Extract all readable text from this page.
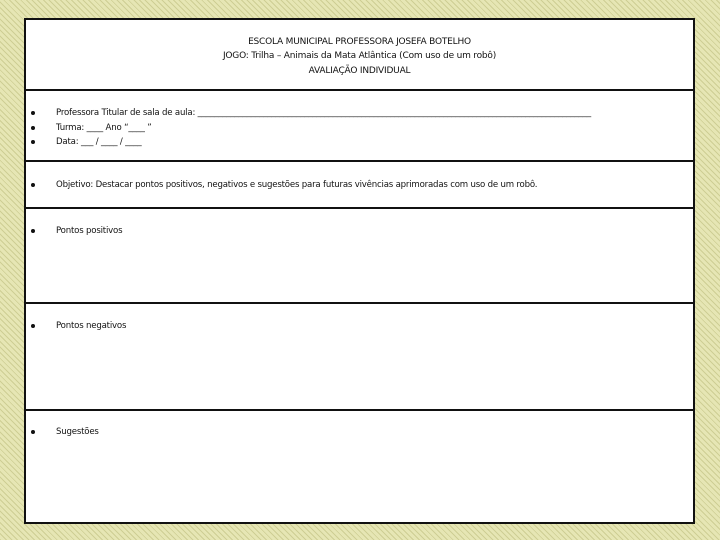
ESCOLA MUNICIPAL PROFESSORA JOSEFA BOTELHO
JOGO: Trilha – Animais da Mata Atlântica (Com uso de um robô)
AVALIAÇÃO INDIVIDUAL
Professora Titular de sala de aula: ________________________________________________________________________________________________
Turma: ____ Ano “____ ”
Data: ___ / ____ / ____
Objetivo: Destacar pontos positivos, negativos e sugestões para futuras vivências aprimoradas com uso de um robô.
Pontos positivos
Pontos negativos
Sugestões
